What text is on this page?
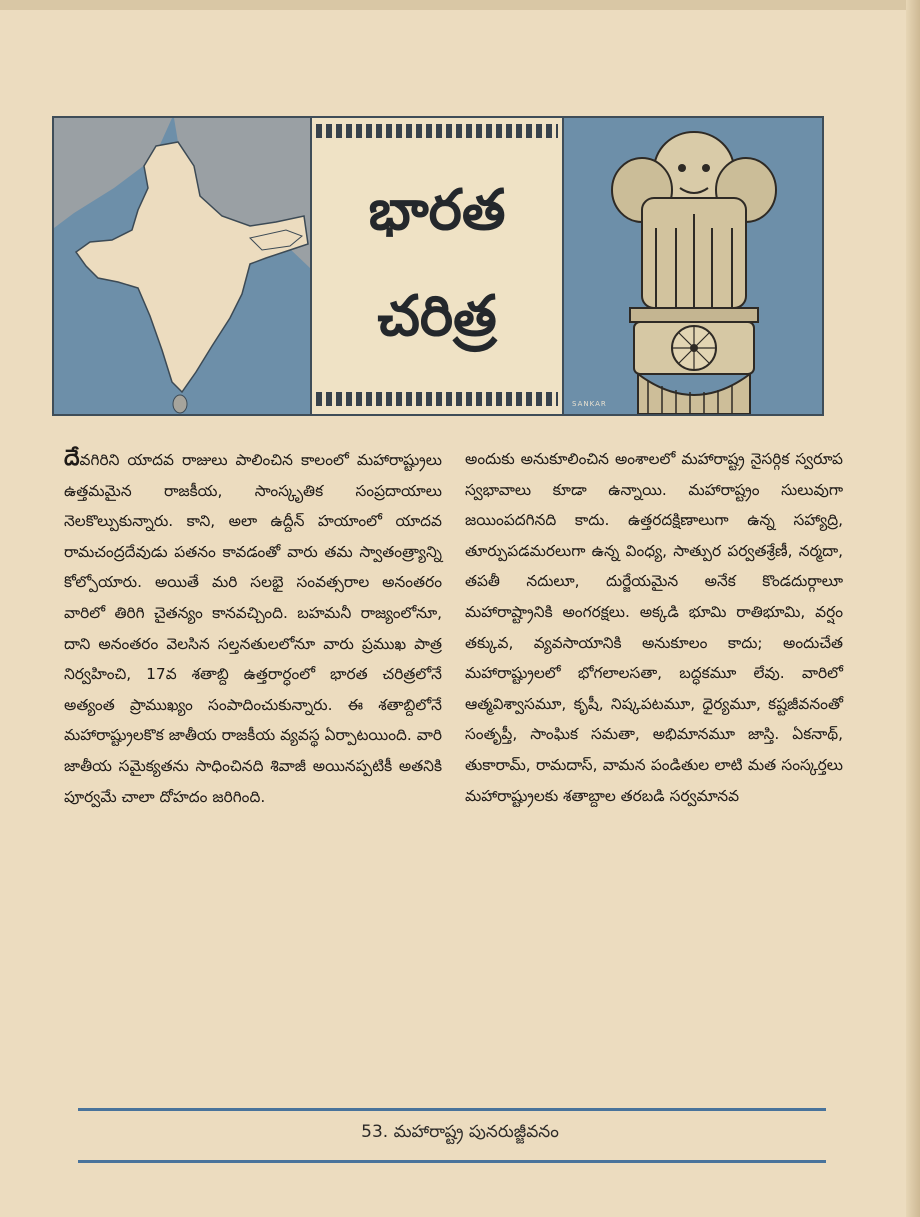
భారత
చరిత్ర
SANKAR

దేవగిరిని యాదవ రాజులు పాలించిన కాలంలో మహారాష్ట్రులు ఉత్తమమైన రాజకీయ, సాంస్కృతిక సంప్రదాయాలు నెలకొల్పుకున్నారు. కాని, అలా ఉద్దీన్ హయాంలో యాదవ రామచంద్రదేవుడు పతనం కావడంతో వారు తమ స్వాతంత్ర్యాన్ని కోల్పోయారు. అయితే మరి సలభై సంవత్సరాల అనంతరం వారిలో తిరిగి చైతన్యం కానవచ్చింది. బహమనీ రాజ్యంలోనూ, దాని అనంతరం వెలసిన సల్తనతులలోనూ వారు ప్రముఖ పాత్ర నిర్వహించి, 17వ శతాబ్ది ఉత్తరార్ధంలో భారత చరిత్రలోనే అత్యంత ప్రాముఖ్యం సంపాదించుకున్నారు. ఈ శతాబ్దిలోనే మహారాష్ట్రులకొక జాతీయ రాజకీయ వ్యవస్థ ఏర్పాటయింది. వారి జాతీయ సమైక్యతను సాధించినది శివాజీ అయినప్పటికీ అతనికి పూర్వమే చాలా దోహదం జరిగింది.

అందుకు అనుకూలించిన అంశాలలో మహారాష్ట్ర నైసర్గిక స్వరూప స్వభావాలు కూడా ఉన్నాయి. మహారాష్ట్రం సులువుగా జయింపదగినది కాదు. ఉత్తరదక్షిణాలుగా ఉన్న సహ్యాద్రి, తూర్పుపడమరలుగా ఉన్న వింధ్య, సాత్పుర పర్వతశ్రేణీ, నర్మదా, తపతీ నదులూ, దుర్జేయమైన అనేక కొండదుర్గాలూ మహారాష్ట్రానికి అంగరక్షలు. అక్కడి భూమి రాతిభూమి, వర్షం తక్కువ, వ్యవసాయానికి అనుకూలం కాదు; అందుచేత మహారాష్ట్రులలో భోగలాలసతా, బద్ధకమూ లేవు. వారిలో ఆత్మవిశ్వాసమూ, కృషీ, నిష్కపటమూ, ధైర్యమూ, కష్టజీవనంతో సంతృప్తీ, సాంఘిక సమతా, అభిమానమూ జాస్తి. ఏకనాథ్, తుకారామ్, రామదాస్, వామన పండితుల లాటి మత సంస్కర్తలు మహారాష్ట్రులకు శతాబ్దాల తరబడి సర్వమానవ

53. మహారాష్ట్ర పునరుజ్జీవనం
